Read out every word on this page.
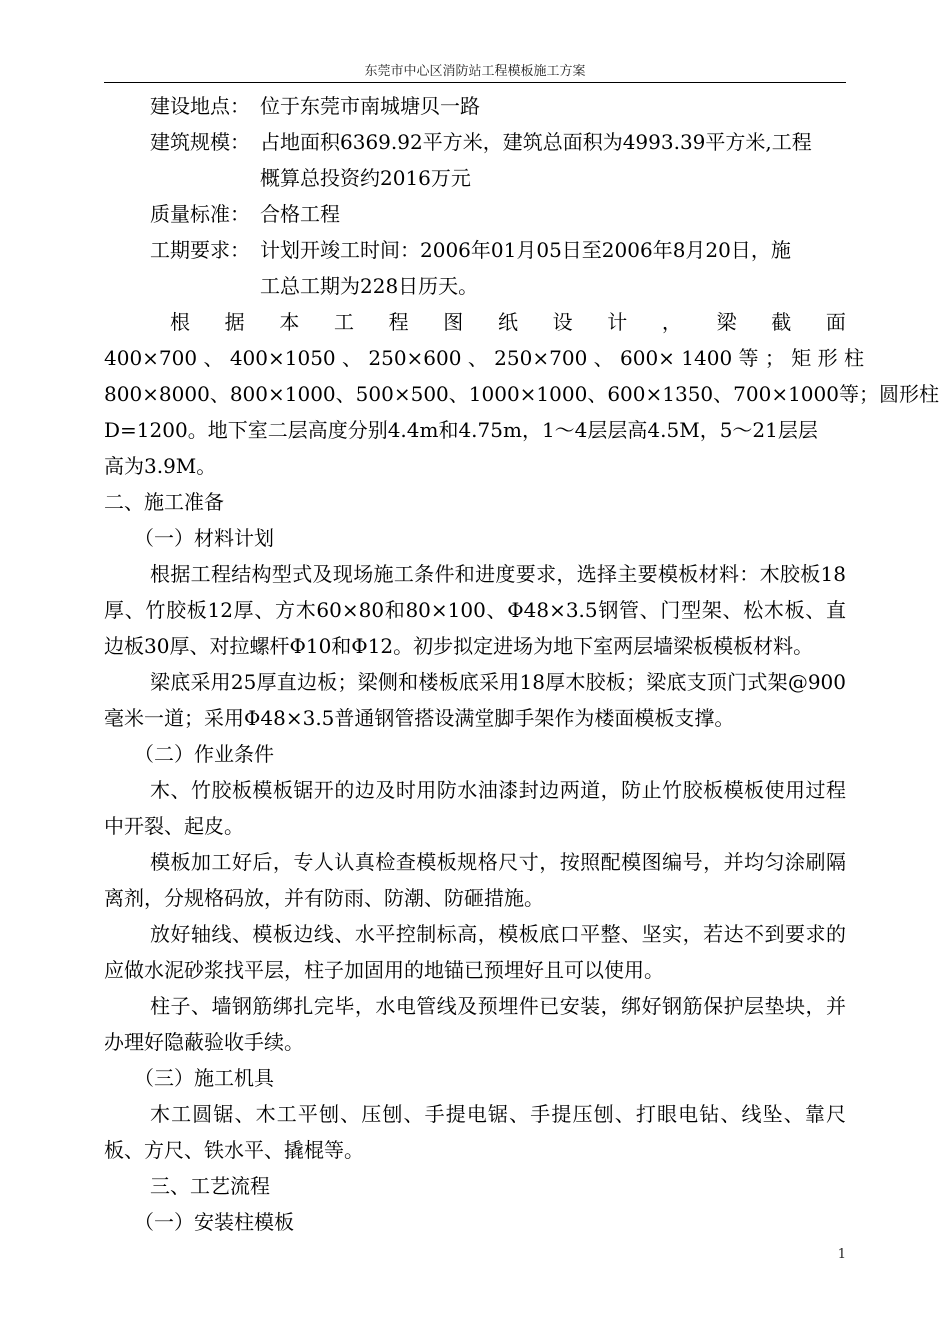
东莞市中心区消防站工程模板施工方案
建设地点： 位于东莞市南城塘贝一路
建筑规模： 占地面积6369.92平方米，建筑总面积为4993.39平方米,工程
概算总投资约2016万元
质量标准： 合格工程
工期要求： 计划开竣工时间：2006年01月05日至2006年8月20日，施
工总工期为228日历天。
根 据 本 工 程 图 纸 设 计 ， 梁 截 面
400×700 、 400×1050 、 250×600 、 250×700 、 600× 1400 等 ； 矩 形 柱
800×8000、800×1000、500×500、1000×1000、600×1350、700×1000等；圆形柱
D=1200。地下室二层高度分别4.4m和4.75m，1～4层层高4.5M，5～21层层
高为3.9M。

二、施工准备

（一）材料计划

根据工程结构型式及现场施工条件和进度要求，选择主要模板材料：木胶板18厚、竹胶板12厚、方木60×80和80×100、Φ48×3.5钢管、门型架、松木板、直边板30厚、对拉螺杆Φ10和Φ12。初步拟定进场为地下室两层墙梁板模板材料。

梁底采用25厚直边板；梁侧和楼板底采用18厚木胶板；梁底支顶门式架@900毫米一道；采用Φ48×3.5普通钢管搭设满堂脚手架作为楼面模板支撑。

（二）作业条件

木、竹胶板模板锯开的边及时用防水油漆封边两道，防止竹胶板模板使用过程中开裂、起皮。

模板加工好后，专人认真检查模板规格尺寸，按照配模图编号，并均匀涂刷隔离剂，分规格码放，并有防雨、防潮、防砸措施。

放好轴线、模板边线、水平控制标高，模板底口平整、坚实，若达不到要求的应做水泥砂浆找平层，柱子加固用的地锚已预埋好且可以使用。

柱子、墙钢筋绑扎完毕，水电管线及预埋件已安装，绑好钢筋保护层垫块，并办理好隐蔽验收手续。

（三）施工机具

木工圆锯、木工平刨、压刨、手提电锯、手提压刨、打眼电钻、线坠、靠尺板、方尺、铁水平、撬棍等。

三、工艺流程

（一）安装柱模板

1
